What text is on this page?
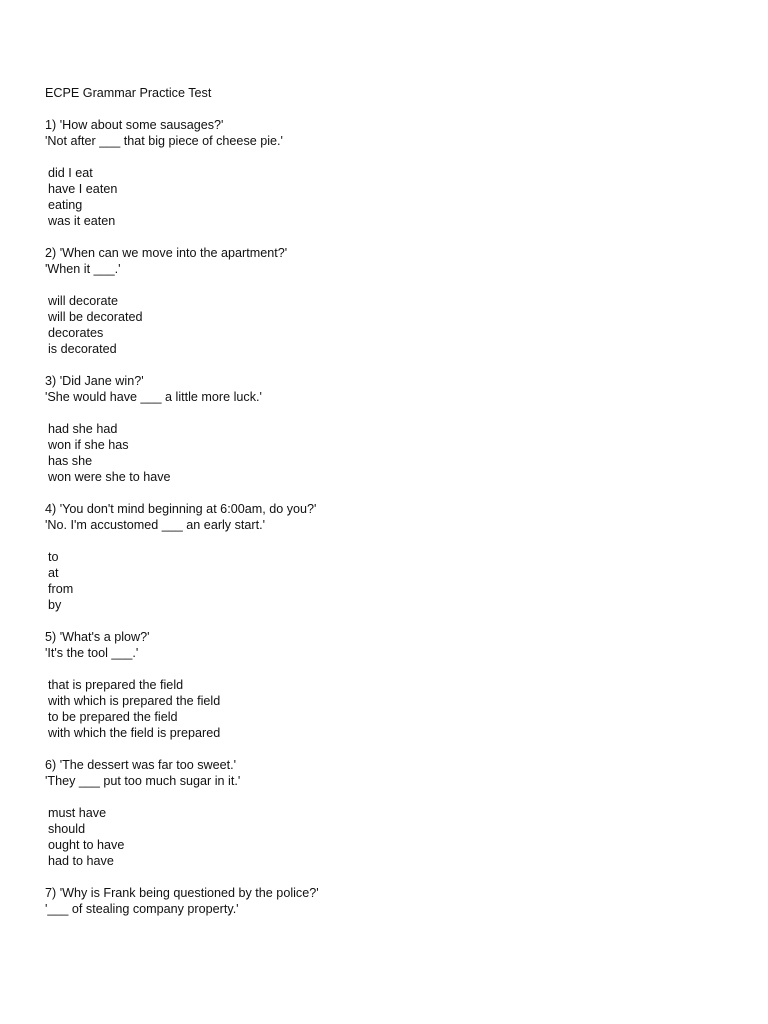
ECPE Grammar Practice Test
1) 'How about some sausages?'
'Not after ___ that big piece of cheese pie.'
did I eat
have I eaten
eating
was it eaten
2) 'When can we move into the apartment?'
'When it ___.'
will decorate
will be decorated
decorates
is decorated
3) 'Did Jane win?'
'She would have ___ a little more luck.'
had she had
won if she has
has she
won were she to have
4) 'You don't mind beginning at 6:00am, do you?'
'No. I'm accustomed ___ an early start.'
to
at
from
by
5) 'What's a plow?'
'It's the tool ___.'
that is prepared the field
with which is prepared the field
to be prepared the field
with which the field is prepared
6) 'The dessert was far too sweet.'
'They ___ put too much sugar in it.'
must have
should
ought to have
had to have
7) 'Why is Frank being questioned by the police?'
'___ of stealing company property.'
